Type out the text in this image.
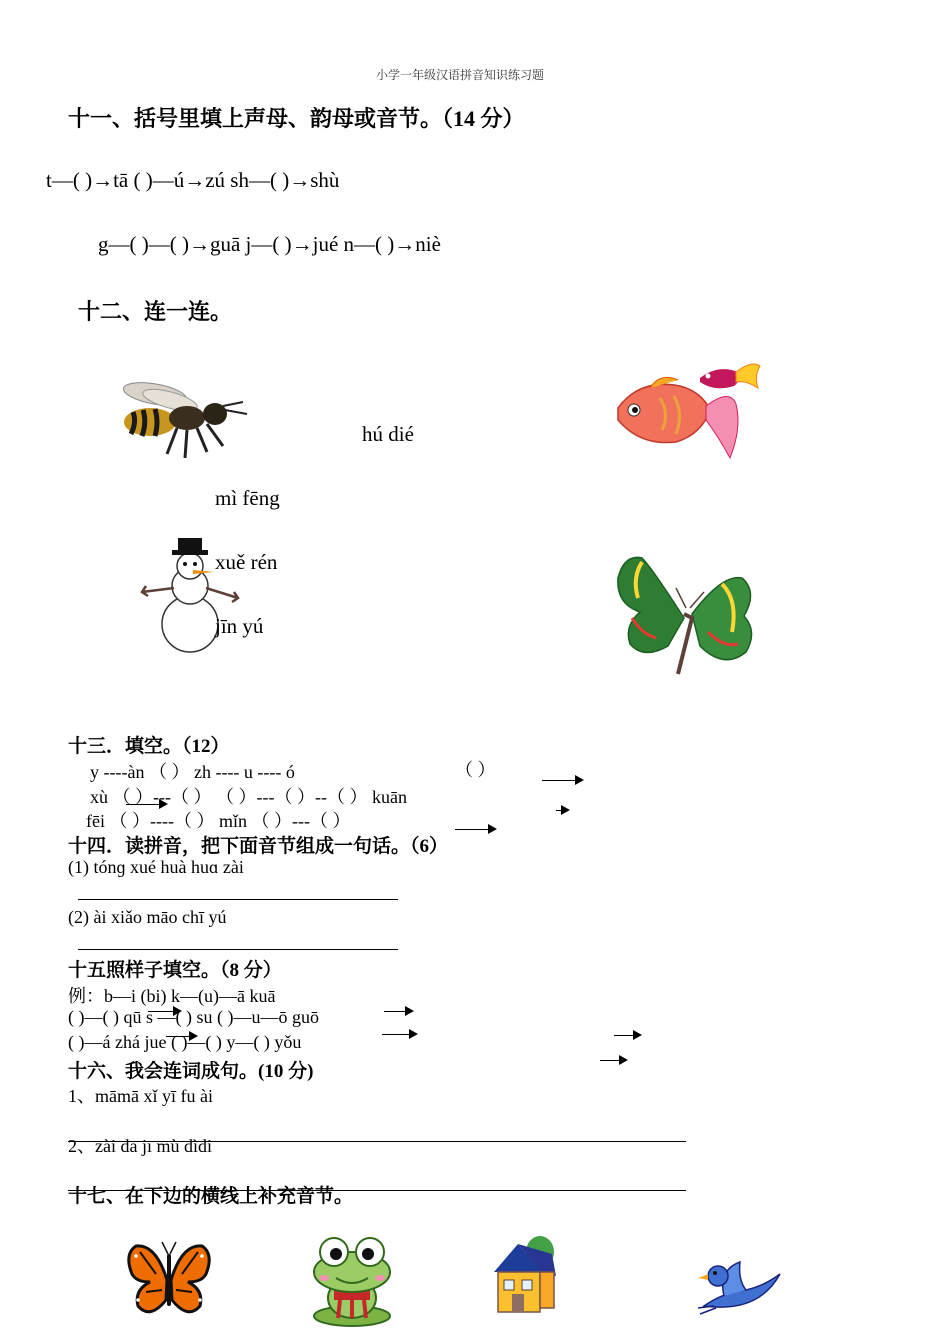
小学一年级汉语拼音知识练习题
十一、括号里填上声母、韵母或音节。（14 分）
t—( )→tā ( )—ú→zú sh—( )→shù
g—( )—( )→guā j—( )→jué n—( )→niè
十二、连一连。
hú dié
mì fēng
xuě rén
jīn yú
十三．填空。（12）
y ----àn （ ） zh ---- u ---- ó	（ ）
xù （ ）---（ ） （ ）---（ ）--（ ） kuān
fēi （ ）----（ ） mǐn （ ）---（ ）
十四．读拼音，把下面音节组成一句话。（6）
(1) tónɡ xué huà huɑ zài
(2) ài xiǎo māo chī yú
十五照样子填空。（8 分）
例：b—i (bi) k—(u)—ā kuā
( )—( ) qū s —( ) su ( )—u—ō guō
( )—á zhá jue ( )—( ) y—( ) yǒu
十六、我会连词成句。(10 分)
1、māmā xǐ yī fu ài
2、zài dā jī mù dìdi
十七、在下边的横线上补充音节。
